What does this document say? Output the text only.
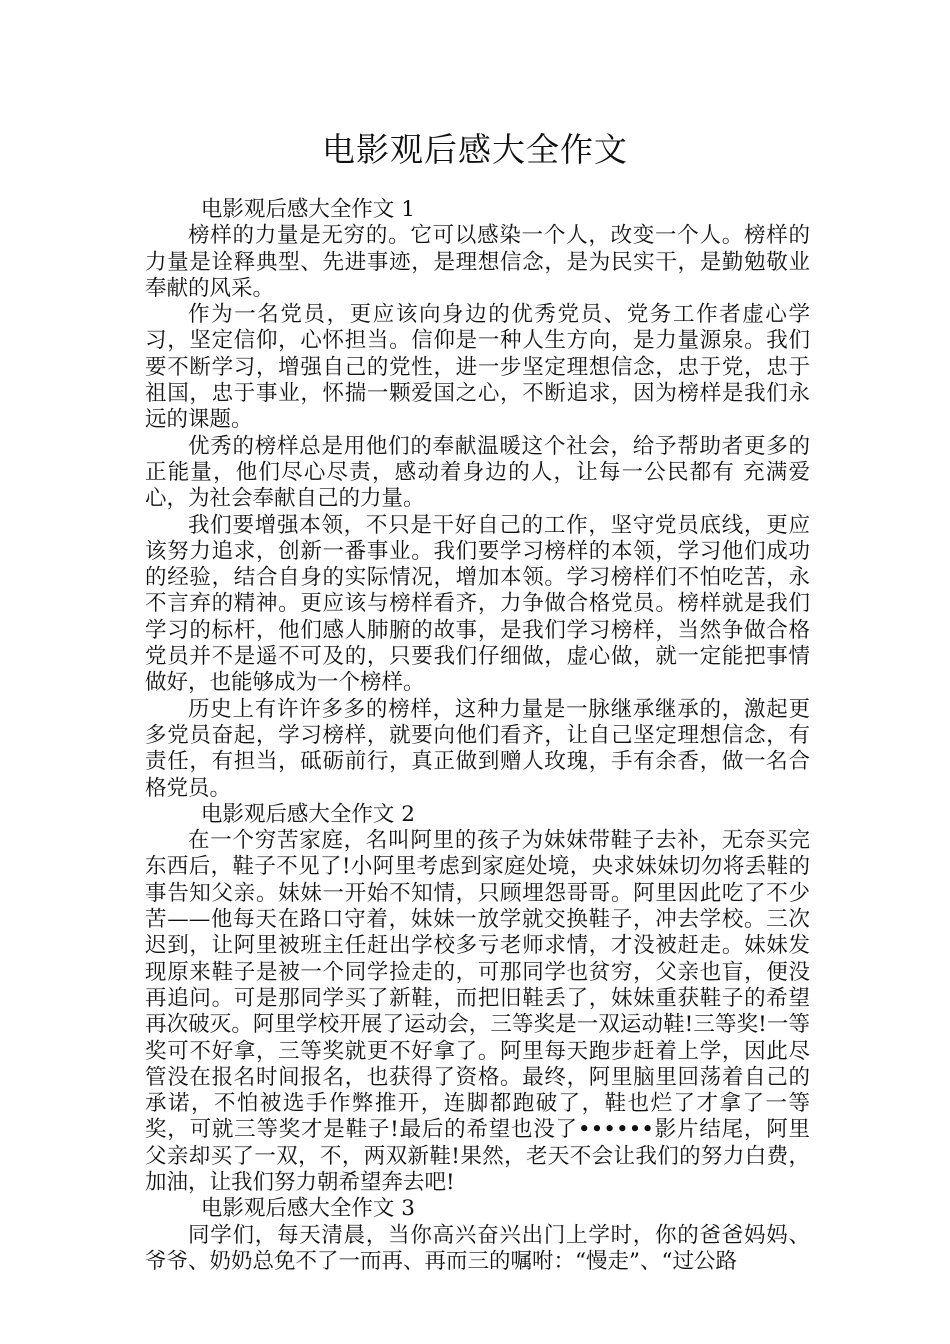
电影观后感大全作文

电影观后感大全作文 1

榜样的力量是无穷的。它可以感染一个人，改变一个人。榜样的力量是诠释典型、先进事迹，是理想信念，是为民实干，是勤勉敬业奉献的风采。

作为一名党员，更应该向身边的优秀党员、党务工作者虚心学习，坚定信仰，心怀担当。信仰是一种人生方向，是力量源泉。我们要不断学习，增强自己的党性，进一步坚定理想信念，忠于党，忠于祖国，忠于事业，怀揣一颗爱国之心，不断追求，因为榜样是我们永远的课题。

优秀的榜样总是用他们的奉献温暖这个社会，给予帮助者更多的正能量，他们尽心尽责，感动着身边的人，让每一公民都有 充满爱心，为社会奉献自己的力量。

我们要增强本领，不只是干好自己的工作，坚守党员底线，更应该努力追求，创新一番事业。我们要学习榜样的本领，学习他们成功的经验，结合自身的实际情况，增加本领。学习榜样们不怕吃苦，永不言弃的精神。更应该与榜样看齐，力争做合格党员。榜样就是我们学习的标杆，他们感人肺腑的故事，是我们学习榜样，当然争做合格党员并不是遥不可及的，只要我们仔细做，虚心做，就一定能把事情做好，也能够成为一个榜样。

历史上有许许多多的榜样，这种力量是一脉继承继承的，激起更多党员奋起，学习榜样，就要向他们看齐，让自己坚定理想信念，有责任，有担当，砥砺前行，真正做到赠人玫瑰，手有余香，做一名合格党员。

电影观后感大全作文 2

在一个穷苦家庭，名叫阿里的孩子为妹妹带鞋子去补，无奈买完东西后，鞋子不见了!小阿里考虑到家庭处境，央求妹妹切勿将丢鞋的事告知父亲。妹妹一开始不知情，只顾埋怨哥哥。阿里因此吃了不少苦——他每天在路口守着，妹妹一放学就交换鞋子，冲去学校。三次迟到，让阿里被班主任赶出学校多亏老师求情，才没被赶走。妹妹发现原来鞋子是被一个同学捡走的，可那同学也贫穷，父亲也盲，便没再追问。可是那同学买了新鞋，而把旧鞋丢了，妹妹重获鞋子的希望再次破灭。阿里学校开展了运动会，三等奖是一双运动鞋!三等奖!一等奖可不好拿，三等奖就更不好拿了。阿里每天跑步赶着上学，因此尽管没在报名时间报名，也获得了资格。最终，阿里脑里回荡着自己的承诺，不怕被选手作弊推开，连脚都跑破了，鞋也烂了才拿了一等奖，可就三等奖才是鞋子!最后的希望也没了••••••影片结尾，阿里父亲却买了一双，不，两双新鞋!果然，老天不会让我们的努力白费，加油，让我们努力朝希望奔去吧!

电影观后感大全作文 3

同学们，每天清晨，当你高兴奋兴出门上学时，你的爸爸妈妈、爷爷、奶奶总免不了一而再、再而三的嘱咐：“慢走”、“过公路
